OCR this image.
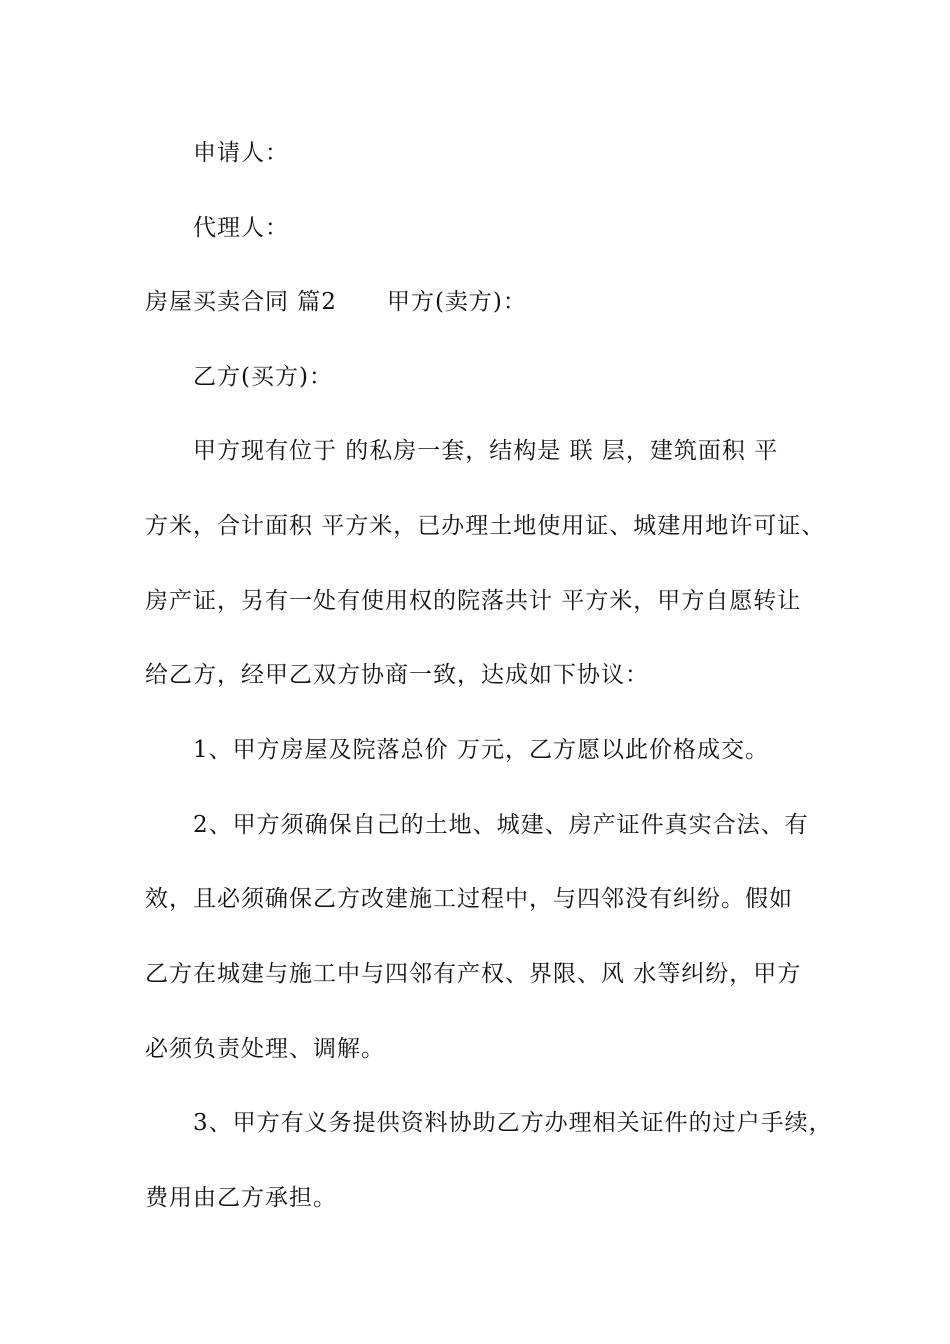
申请人：
代理人：
房屋买卖合同 篇2 甲方(卖方)：
乙方(买方)：
甲方现有位于 的私房一套，结构是 联 层，建筑面积 平
方米，合计面积 平方米，已办理土地使用证、城建用地许可证、
房产证，另有一处有使用权的院落共计 平方米，甲方自愿转让
给乙方，经甲乙双方协商一致，达成如下协议：
1、甲方房屋及院落总价 万元，乙方愿以此价格成交。
2、甲方须确保自己的土地、城建、房产证件真实合法、有
效，且必须确保乙方改建施工过程中，与四邻没有纠纷。假如
乙方在城建与施工中与四邻有产权、界限、风 水等纠纷，甲方
必须负责处理、调解。
3、甲方有义务提供资料协助乙方办理相关证件的过户手续，
费用由乙方承担。
